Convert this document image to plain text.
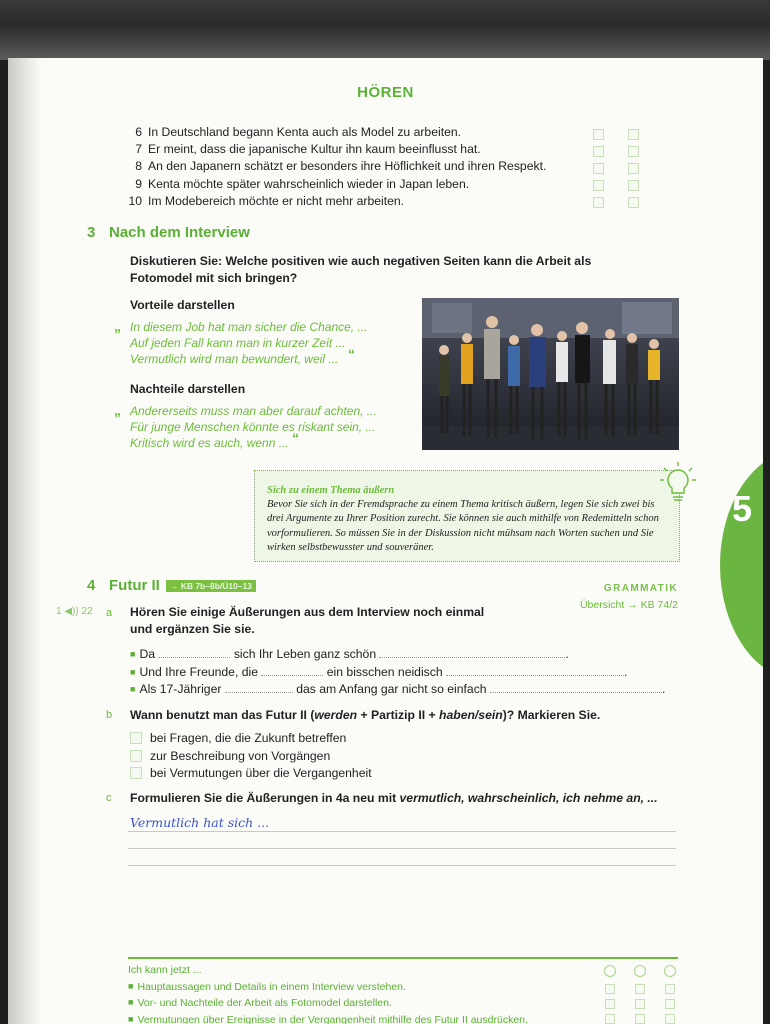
HÖREN
6 In Deutschland begann Kenta auch als Model zu arbeiten.
7 Er meint, dass die japanische Kultur ihn kaum beeinflusst hat.
8 An den Japanern schätzt er besonders ihre Höflichkeit und ihren Respekt.
9 Kenta möchte später wahrscheinlich wieder in Japan leben.
10 Im Modebereich möchte er nicht mehr arbeiten.
3 Nach dem Interview
Diskutieren Sie: Welche positiven wie auch negativen Seiten kann die Arbeit als Fotomodel mit sich bringen?
Vorteile darstellen
„ In diesem Job hat man sicher die Chance, ...
Auf jeden Fall kann man in kurzer Zeit ...
Vermutlich wird man bewundert, weil ... “
Nachteile darstellen
„ Andererseits muss man aber darauf achten, ...
Für junge Menschen könnte es riskant sein, ...
Kritisch wird es auch, wenn ... “
Sich zu einem Thema äußern
Bevor Sie sich in der Fremdsprache zu einem Thema kritisch äußern, legen Sie sich zwei bis drei Argumente zu Ihrer Position zurecht. Sie können sie auch mithilfe von Redemitteln schon vorformulieren. So müssen Sie in der Diskussion nicht mühsam nach Worten suchen und Sie wirken selbstbewusster und souveräner.
5
4 Futur II → KB 7b–8b/Ü10–13	GRAMMATIK
Übersicht → KB 74/2
1 ◀)) 22 a Hören Sie einige Äußerungen aus dem Interview noch einmal und ergänzen Sie sie.
■ Da	sich Ihr Leben ganz schön	.
■ Und Ihre Freunde, die	ein bisschen neidisch	.
■ Als 17-Jähriger	das am Anfang gar nicht so einfach	.
b Wann benutzt man das Futur II (werden + Partizip II + haben/sein)? Markieren Sie.
bei Fragen, die die Zukunft betreffen
zur Beschreibung von Vorgängen
bei Vermutungen über die Vergangenheit
c Formulieren Sie die Äußerungen in 4a neu mit vermutlich, wahrscheinlich, ich nehme an, ...
Vermutlich hat sich ...
Ich kann jetzt ...
■ Hauptaussagen und Details in einem Interview verstehen.
■ Vor- und Nachteile der Arbeit als Fotomodel darstellen.
■ Vermutungen über Ereignisse in der Vergangenheit mithilfe des Futur II ausdrücken.
